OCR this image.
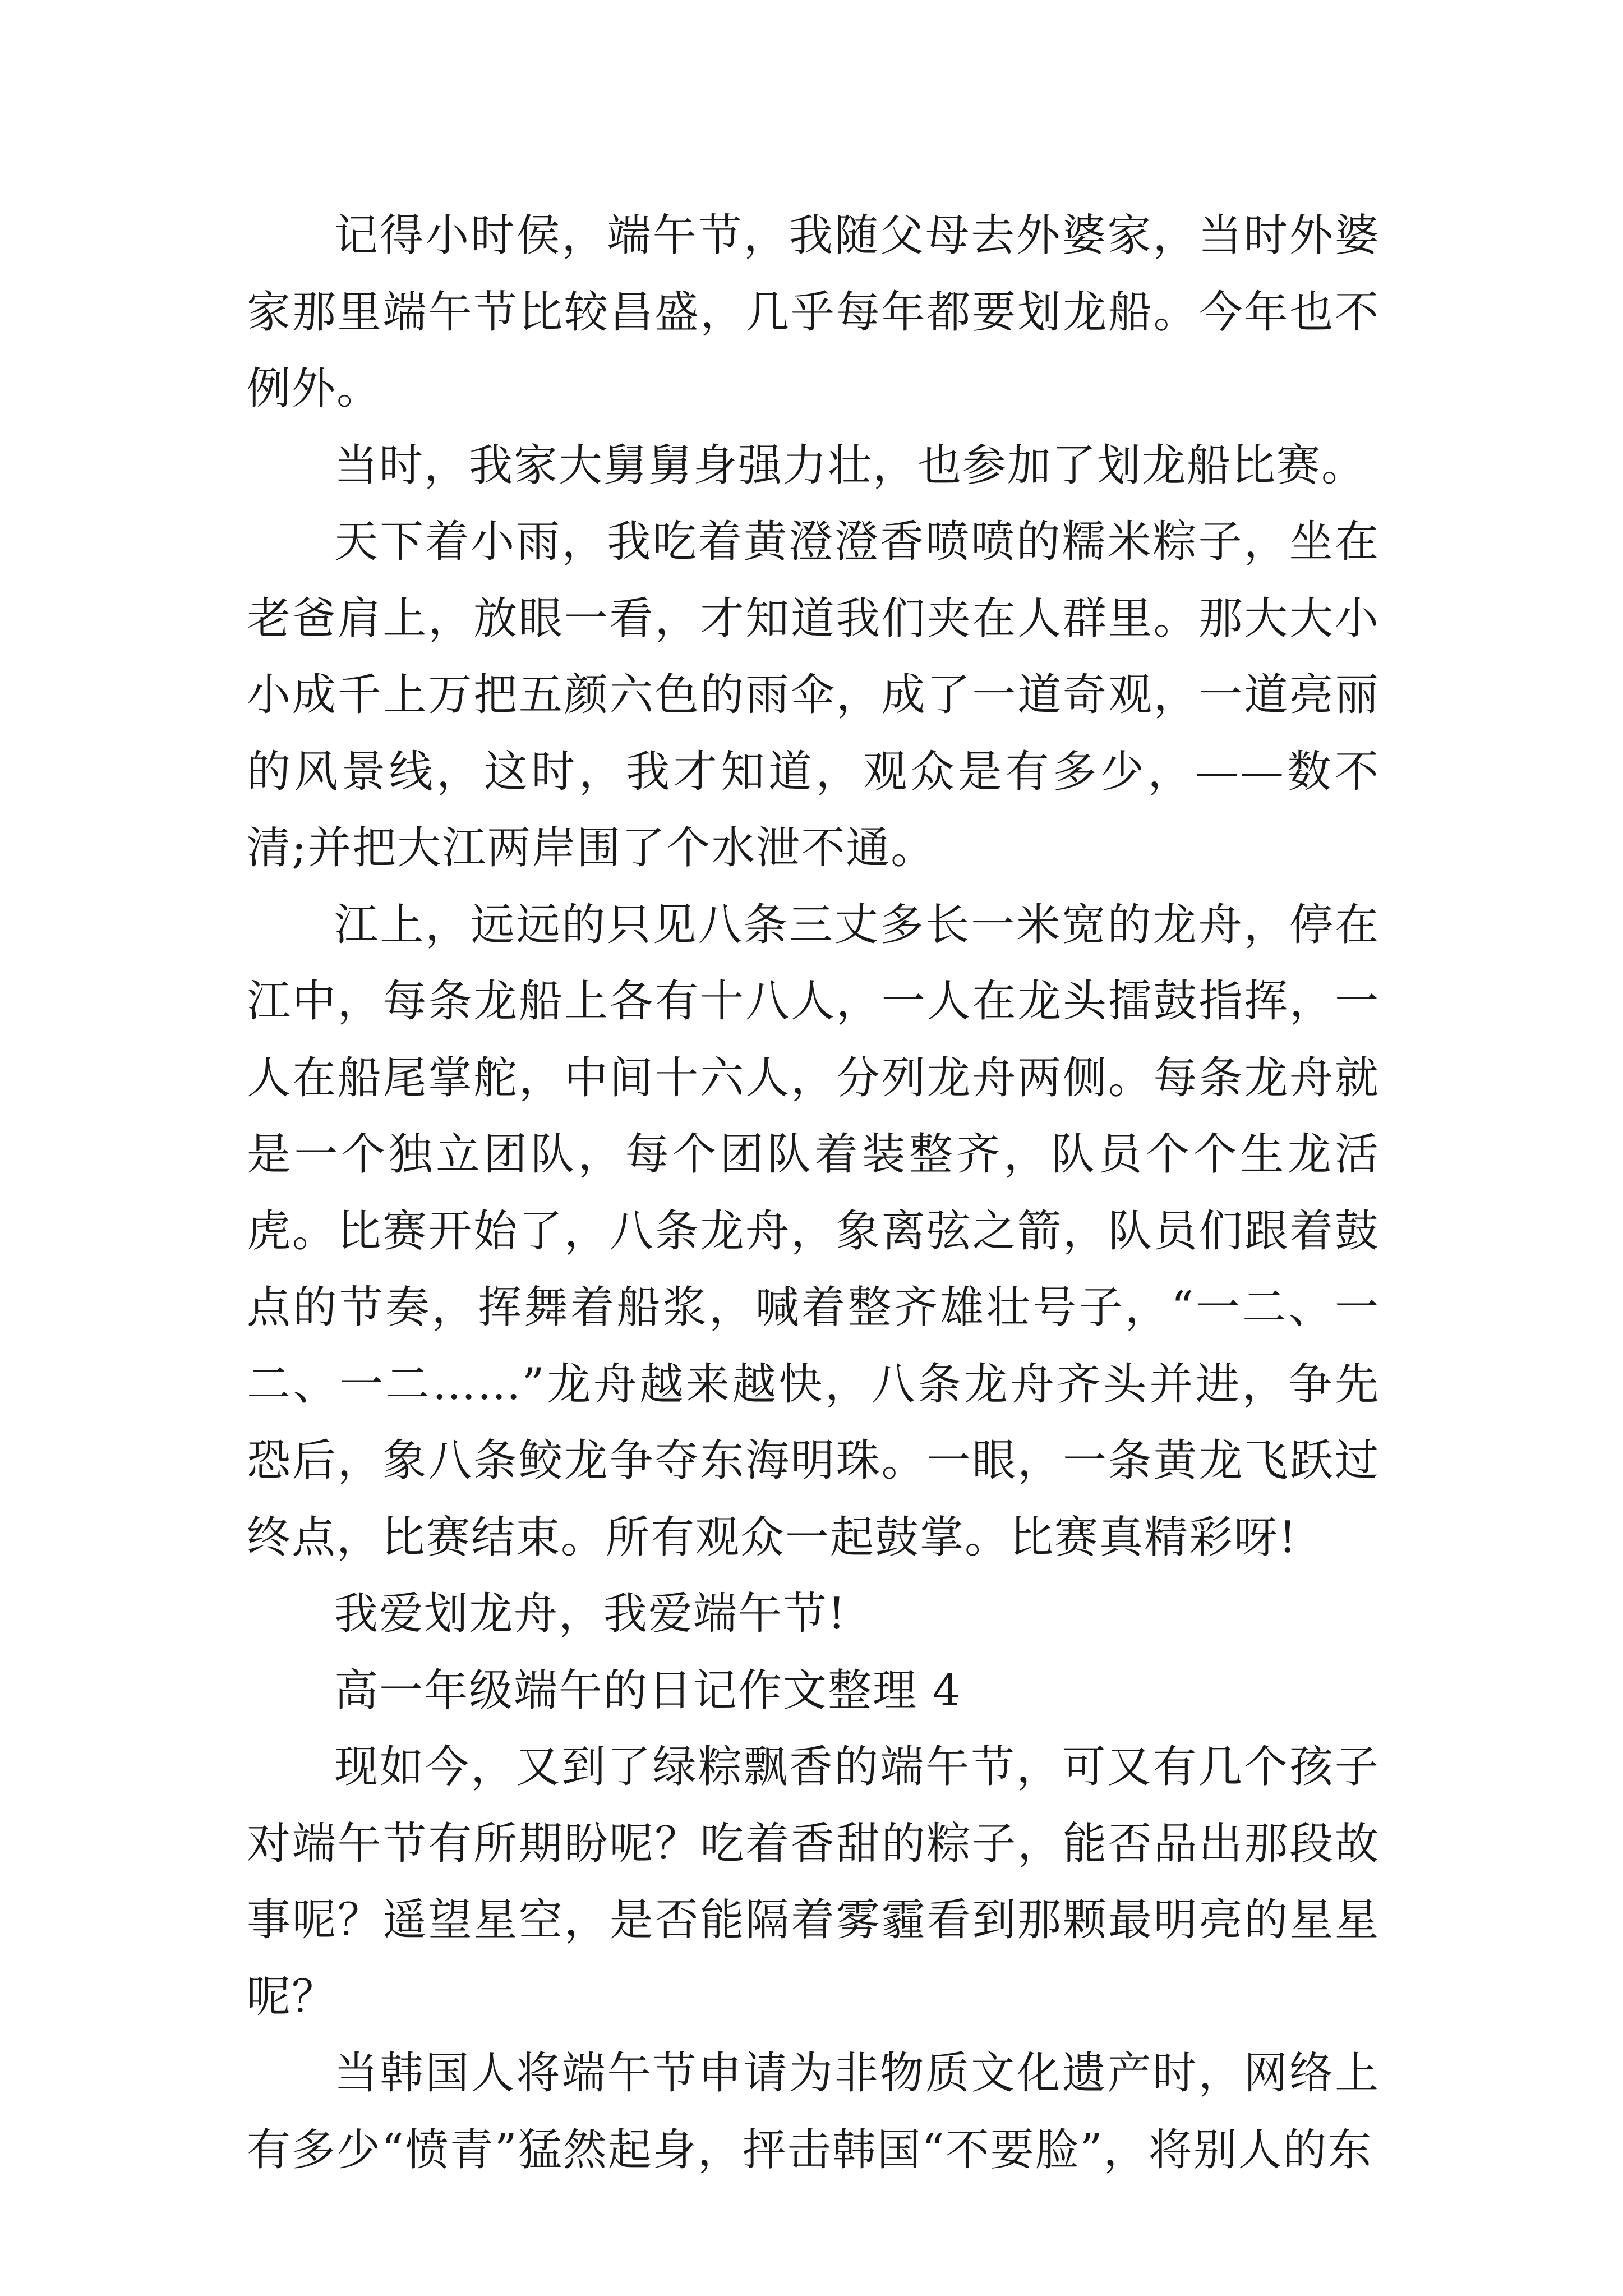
记得小时侯，端午节，我随父母去外婆家，当时外婆家那里端午节比较昌盛，几乎每年都要划龙船。今年也不例外。

当时，我家大舅舅身强力壮，也参加了划龙船比赛。

天下着小雨，我吃着黄澄澄香喷喷的糯米粽子，坐在老爸肩上，放眼一看，才知道我们夹在人群里。那大大小小成千上万把五颜六色的雨伞，成了一道奇观，一道亮丽的风景线，这时，我才知道，观众是有多少，——数不清;并把大江两岸围了个水泄不通。

江上，远远的只见八条三丈多长一米宽的龙舟，停在江中，每条龙船上各有十八人，一人在龙头擂鼓指挥，一人在船尾掌舵，中间十六人，分列龙舟两侧。每条龙舟就是一个独立团队，每个团队着装整齐，队员个个生龙活虎。比赛开始了，八条龙舟，象离弦之箭，队员们跟着鼓点的节奏，挥舞着船浆，喊着整齐雄壮号子，“一二、一二、一二……”龙舟越来越快，八条龙舟齐头并进，争先恐后，象八条鲛龙争夺东海明珠。一眼，一条黄龙飞跃过终点，比赛结束。所有观众一起鼓掌。比赛真精彩呀!

我爱划龙舟，我爱端午节!

高一年级端午的日记作文整理 4

现如今，又到了绿粽飘香的端午节，可又有几个孩子对端午节有所期盼呢？吃着香甜的粽子，能否品出那段故事呢？遥望星空，是否能隔着雾霾看到那颗最明亮的星星呢？

当韩国人将端午节申请为非物质文化遗产时，网络上有多少“愤青”猛然起身，抨击韩国“不要脸”，将别人的东
